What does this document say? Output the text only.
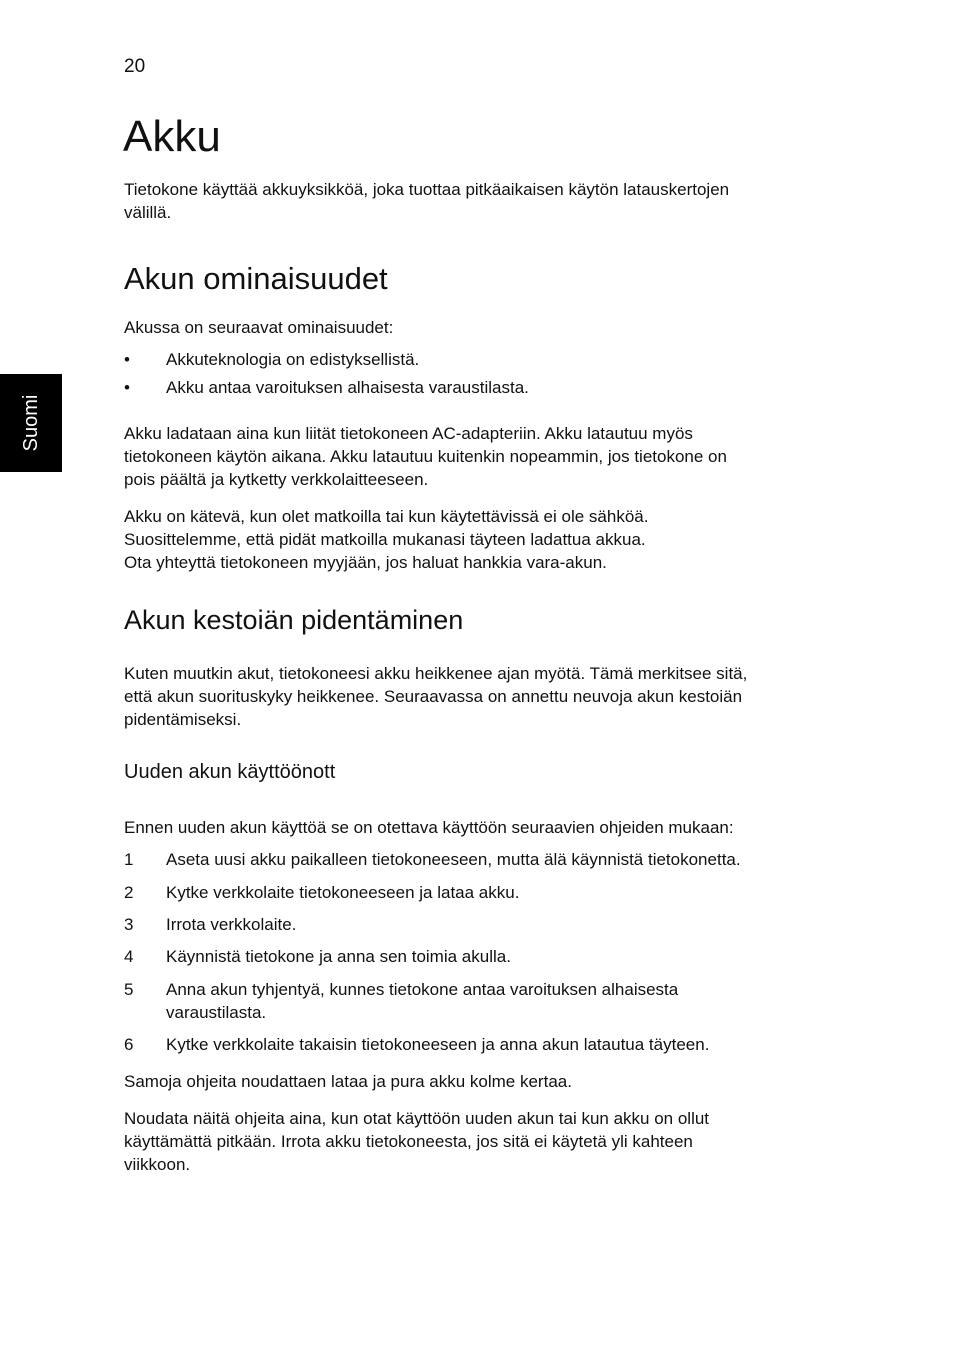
20
Akku
Suomi

Tietokone käyttää akkuyksikköä, joka tuottaa pitkäaikaisen käytön latauskertojen
välillä.

Akun ominaisuudet

Akussa on seuraavat ominaisuudet:

•	Akkuteknologia on edistyksellistä.
•	Akku antaa varoituksen alhaisesta varaustilasta.

Akku ladataan aina kun liität tietokoneen AC-adapteriin. Akku latautuu myös
tietokoneen käytön aikana. Akku latautuu kuitenkin nopeammin, jos tietokone on
pois päältä ja kytketty verkkolaitteeseen.

Akku on kätevä, kun olet matkoilla tai kun käytettävissä ei ole sähköä.
Suosittelemme, että pidät matkoilla mukanasi täyteen ladattua akkua.
Ota yhteyttä tietokoneen myyjään, jos haluat hankkia vara-akun.

Akun kestoiän pidentäminen

Kuten muutkin akut, tietokoneesi akku heikkenee ajan myötä. Tämä merkitsee sitä,
että akun suorituskyky heikkenee. Seuraavassa on annettu neuvoja akun kestoiän
pidentämiseksi.

Uuden akun käyttöönott

Ennen uuden akun käyttöä se on otettava käyttöön seuraavien ohjeiden mukaan:

1	Aseta uusi akku paikalleen tietokoneeseen, mutta älä käynnistä tietokonetta.
2	Kytke verkkolaite tietokoneeseen ja lataa akku.
3	Irrota verkkolaite.
4	Käynnistä tietokone ja anna sen toimia akulla.
5	Anna akun tyhjentyä, kunnes tietokone antaa varoituksen alhaisesta
varaustilasta.
6	Kytke verkkolaite takaisin tietokoneeseen ja anna akun latautua täyteen.

Samoja ohjeita noudattaen lataa ja pura akku kolme kertaa.

Noudata näitä ohjeita aina, kun otat käyttöön uuden akun tai kun akku on ollut
käyttämättä pitkään. Irrota akku tietokoneesta, jos sitä ei käytetä yli kahteen
viikkoon.
